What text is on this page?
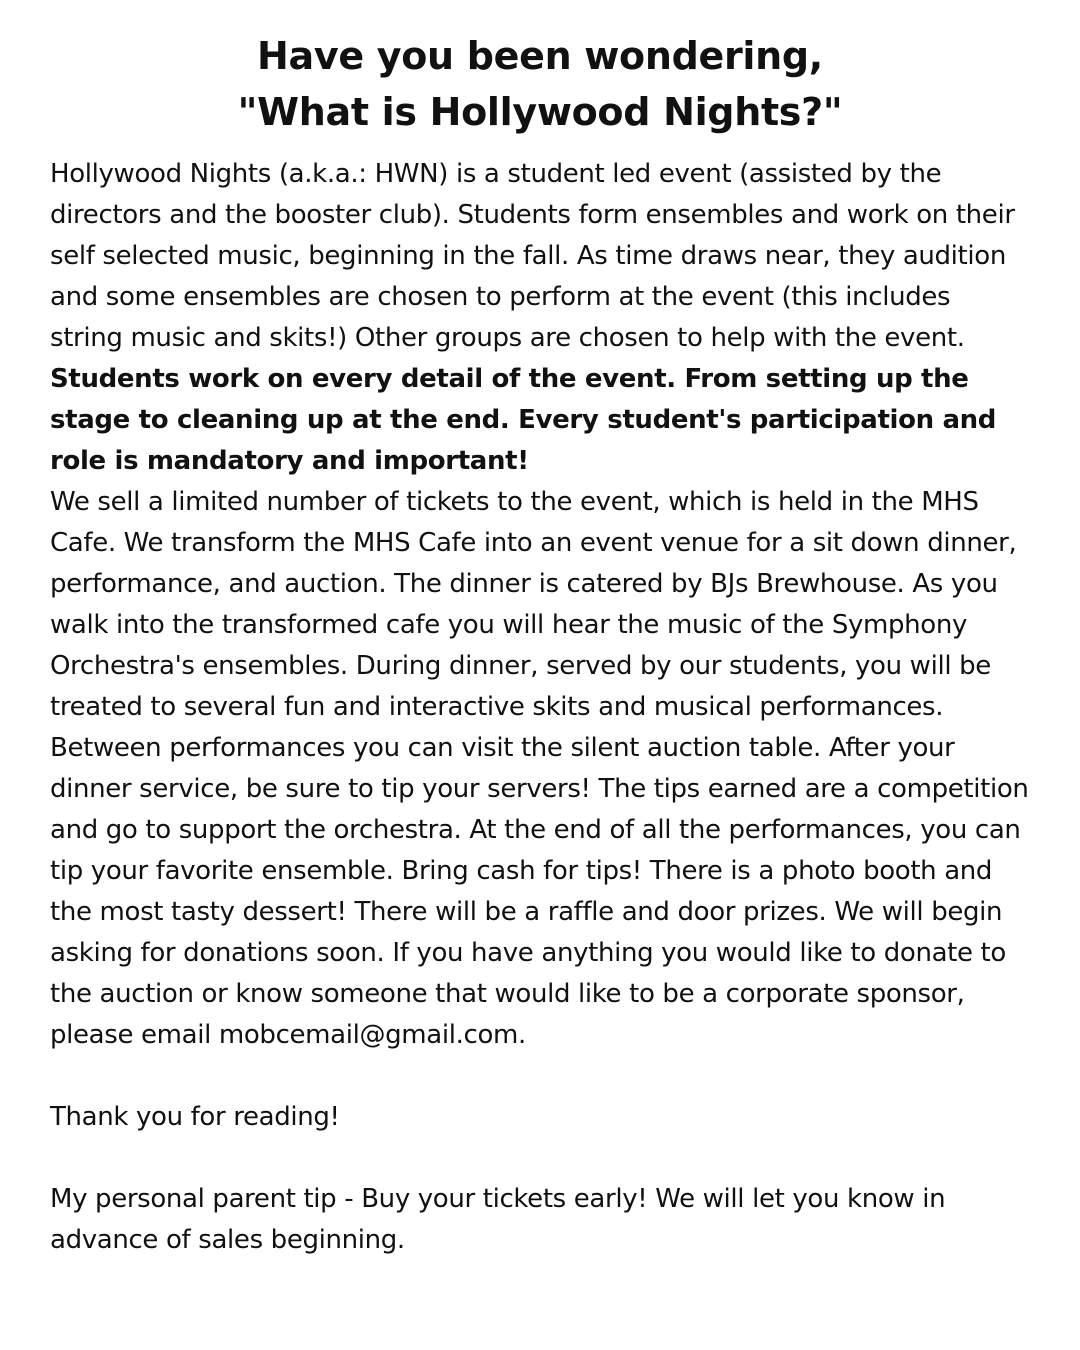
Have you been wondering,
"What is Hollywood Nights?"

Hollywood Nights (a.k.a.: HWN) is a student led event (assisted by the directors and the booster club). Students form ensembles and work on their self selected music, beginning in the fall. As time draws near, they audition and some ensembles are chosen to perform at the event (this includes string music and skits!) Other groups are chosen to help with the event. Students work on every detail of the event. From setting up the stage to cleaning up at the end. Every student's participation and role is mandatory and important!
We sell a limited number of tickets to the event, which is held in the MHS Cafe. We transform the MHS Cafe into an event venue for a sit down dinner, performance, and auction. The dinner is catered by BJs Brewhouse. As you walk into the transformed cafe you will hear the music of the Symphony Orchestra's ensembles. During dinner, served by our students, you will be treated to several fun and interactive skits and musical performances. Between performances you can visit the silent auction table. After your dinner service, be sure to tip your servers! The tips earned are a competition and go to support the orchestra. At the end of all the performances, you can tip your favorite ensemble. Bring cash for tips! There is a photo booth and the most tasty dessert! There will be a raffle and door prizes. We will begin asking for donations soon. If you have anything you would like to donate to the auction or know someone that would like to be a corporate sponsor, please email mobcemail@gmail.com.

Thank you for reading!

My personal parent tip - Buy your tickets early! We will let you know in advance of sales beginning.
